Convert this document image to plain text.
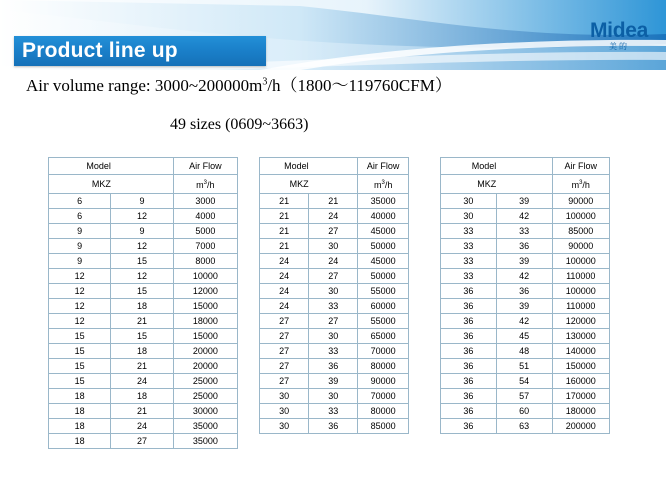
Product line up
Midea
美的
Air volume range: $3000\sim 200000m^3/h(1800\sim 119760CFM)$
49 sizes (0609~3663)
Model		Air Flow
MKZ		$m^3/h$
6	9	3000
6	12	4000
9	9	5000
9	12	7000
9	15	8000
12	12	10000
12	15	12000
12	18	15000
12	21	18000
15	15	15000
15	18	20000
15	21	20000
15	24	25000
18	18	25000
18	21	30000
18	24	35000
18	27	35000
Model		Air Flow
MKZ		$m^3/h$
21	21	35000
21	24	40000
21	27	45000
21	30	50000
24	24	45000
24	27	50000
24	30	55000
24	33	60000
27	27	55000
27	30	65000
27	33	70000
27	36	80000
27	39	90000
30	30	70000
30	33	80000
30	36	85000
Model		Air Flow
MKZ		$m^3/h$
30	39	90000
30	42	100000
33	33	85000
33	36	90000
33	39	100000
33	42	110000
36	36	100000
36	39	110000
36	42	120000
36	45	130000
36	48	140000
36	51	150000
36	54	160000
36	57	170000
36	60	180000
36	63	200000
